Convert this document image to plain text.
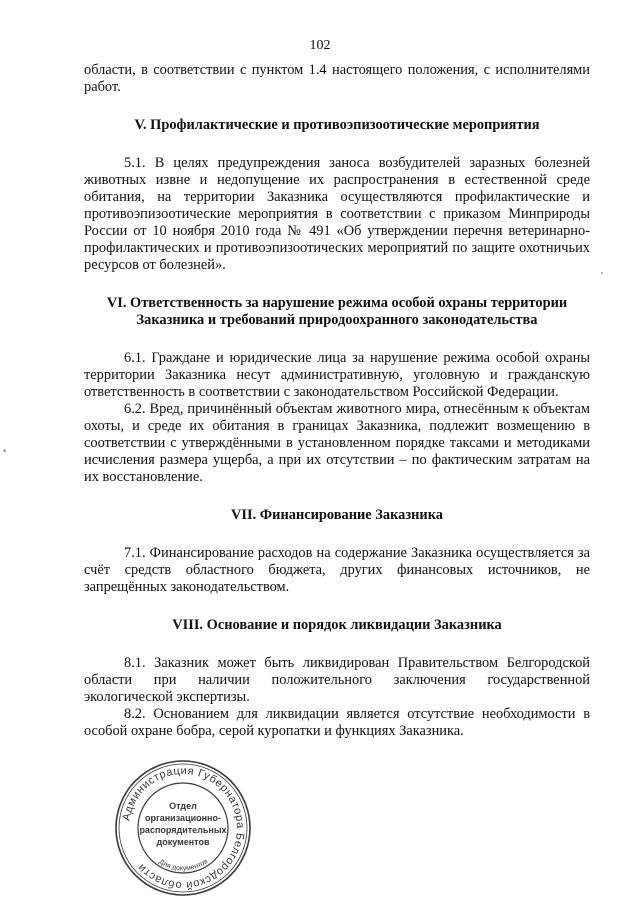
102

области, в соответствии с пунктом 1.4 настоящего положения, с исполнителями работ.

V. Профилактические и противоэпизоотические мероприятия

5.1. В целях предупреждения заноса возбудителей заразных болезней животных извне и недопущение их распространения в естественной среде обитания, на территории Заказника осуществляются профилактические и противоэпизоотические мероприятия в соответствии с приказом Минприроды России от 10 ноября 2010 года № 491 «Об утверждении перечня ветеринарно-профилактических и противоэпизоотических мероприятий по защите охотничьих ресурсов от болезней».

VI. Ответственность за нарушение режима особой охраны территории
Заказника и требований природоохранного законодательства

6.1. Граждане и юридические лица за нарушение режима особой охраны территории Заказника несут административную, уголовную и гражданскую ответственность в соответствии с законодательством Российской Федерации.

6.2. Вред, причинённый объектам животного мира, отнесённым к объектам охоты, и среде их обитания в границах Заказника, подлежит возмещению в соответствии с утверждёнными в установленном порядке таксами и методиками исчисления размера ущерба, а при их отсутствии – по фактическим затратам на их восстановление.

VII. Финансирование Заказника

7.1. Финансирование расходов на содержание Заказника осуществляется за счёт средств областного бюджета, других финансовых источников, не запрещённых законодательством.

VIII. Основание и порядок ликвидации Заказника

8.1. Заказник может быть ликвидирован Правительством Белгородской области при наличии положительного заключения государственной экологической экспертизы.

8.2. Основанием для ликвидации является отсутствие необходимости в особой охране бобра, серой куропатки и функциях Заказника.

•
Администрация Губернатора Белгородской области	Для документов
Отдел
организационно-
распорядительных
документов
